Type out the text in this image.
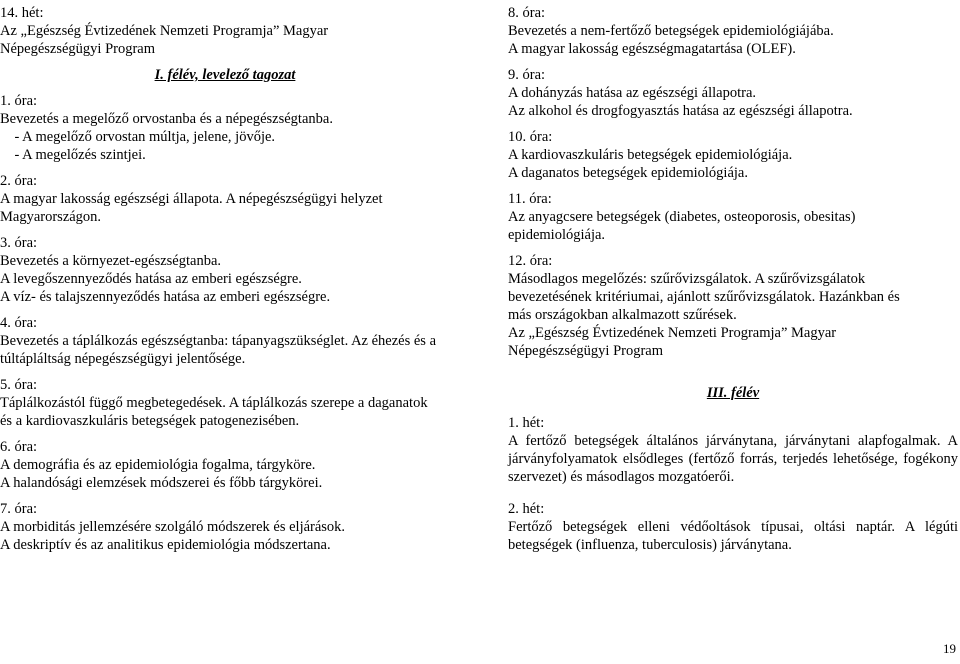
14. hét:
Az „Egészség Évtizedének Nemzeti Programja” Magyar
Népegészségügyi Program
I. félév, levelező tagozat
1. óra:
Bevezetés a megelőző orvostanba és a népegészségtanba.
- A megelőző orvostan múltja, jelene, jövője.
- A megelőzés szintjei.
2. óra:
A magyar lakosság egészségi állapota. A népegészségügyi helyzet
Magyarországon.
3. óra:
Bevezetés a környezet-egészségtanba.
A levegőszennyeződés hatása az emberi egészségre.
A víz- és talajszennyeződés hatása az emberi egészségre.
4. óra:
Bevezetés a táplálkozás egészségtanba: tápanyagszükséglet. Az éhezés és a
túltápláltság népegészségügyi jelentősége.
5. óra:
Táplálkozástól függő megbetegedések. A táplálkozás szerepe a daganatok
és a kardiovaszkuláris betegségek patogenezisében.
6. óra:
A demográfia és az epidemiológia fogalma, tárgyköre.
A halandósági elemzések módszerei és főbb tárgykörei.
7. óra:
A morbiditás jellemzésére szolgáló módszerek és eljárások.
A deskriptív és az analitikus epidemiológia módszertana.
8. óra:
Bevezetés a nem-fertőző betegségek epidemiológiájába.
A magyar lakosság egészségmagatartása (OLEF).
9. óra:
A dohányzás hatása az egészségi állapotra.
Az alkohol és drogfogyasztás hatása az egészségi állapotra.
10. óra:
A kardiovaszkuláris betegségek epidemiológiája.
A daganatos betegségek epidemiológiája.
11. óra:
Az anyagcsere betegségek (diabetes, osteoporosis, obesitas)
epidemiológiája.
12. óra:
Másodlagos megelőzés: szűrővizsgálatok. A szűrővizsgálatok
bevezetésének kritériumai, ajánlott szűrővizsgálatok. Hazánkban és
más országokban alkalmazott szűrések.
Az „Egészség Évtizedének Nemzeti Programja” Magyar
Népegészségügyi Program
III. félév
1. hét:
A fertőző betegségek általános járványtana, járványtani alapfogalmak. A járványfolyamatok elsődleges (fertőző forrás, terjedés lehetősége, fogékony szervezet) és másodlagos mozgatóerői.
2. hét:
Fertőző betegségek elleni védőoltások típusai, oltási naptár. A légúti betegségek (influenza, tuberculosis) járványtana.
19
